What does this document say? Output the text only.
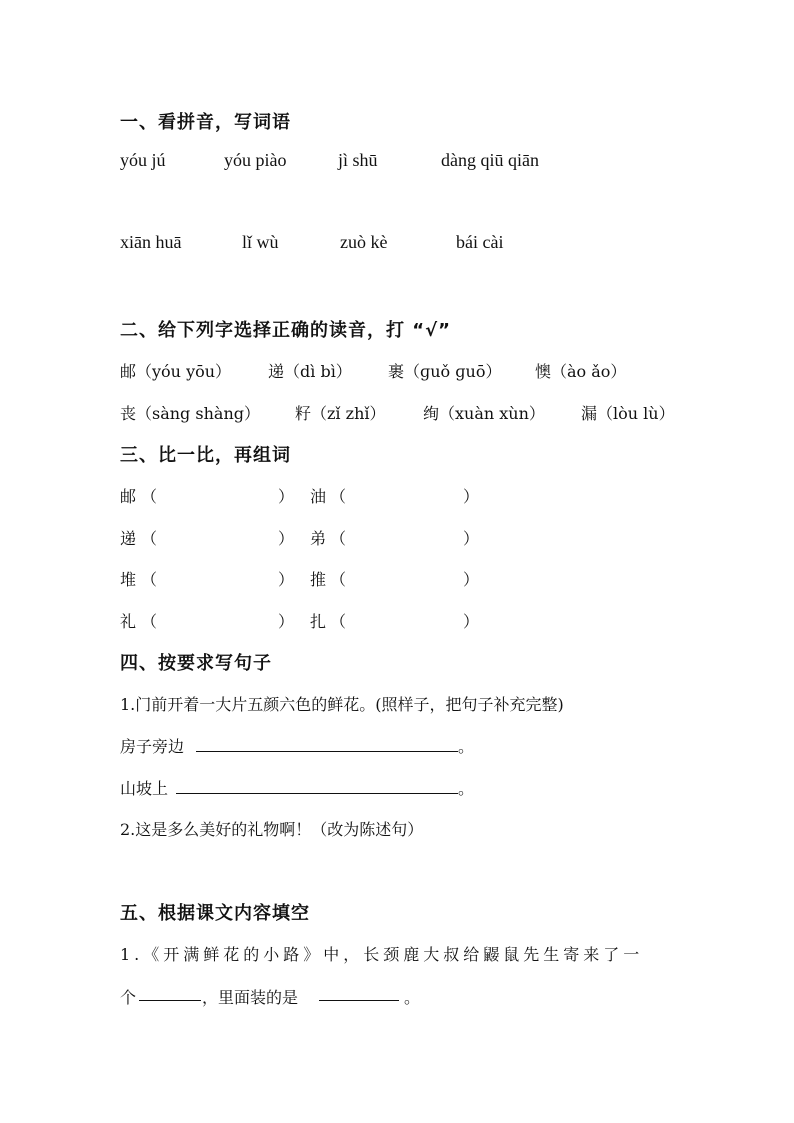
一、看拼音，写词语
yóu jú	yóu piào	jì shū	dàng qiū qiān
xiān huā	lǐ wù	zuò kè	bái cài
二、给下列字选择正确的读音，打 “√”
邮（yóu yōu） 递（dì bì） 裹（ɡuǒ ɡuō） 懊（ào ǎo）
丧（sàng shàng） 籽（zǐ zhǐ） 绚（xuàn xùn） 漏（lòu lù）
三、比一比，再组词
邮 （	） 油 （	）
递 （	） 弟 （	）
堆 （	） 推 （	）
礼 （	） 扎 （	）
四、按要求写句子
1.门前开着一大片五颜六色的鲜花。(照样子，把句子补充完整)
房子旁边	。
山坡上	。
2.这是多么美好的礼物啊！（改为陈述句）
五、根据课文内容填空
1.《开满鲜花的小路》中，长颈鹿大叔给鼹鼠先生寄来了一
个	，里面装的是	。
